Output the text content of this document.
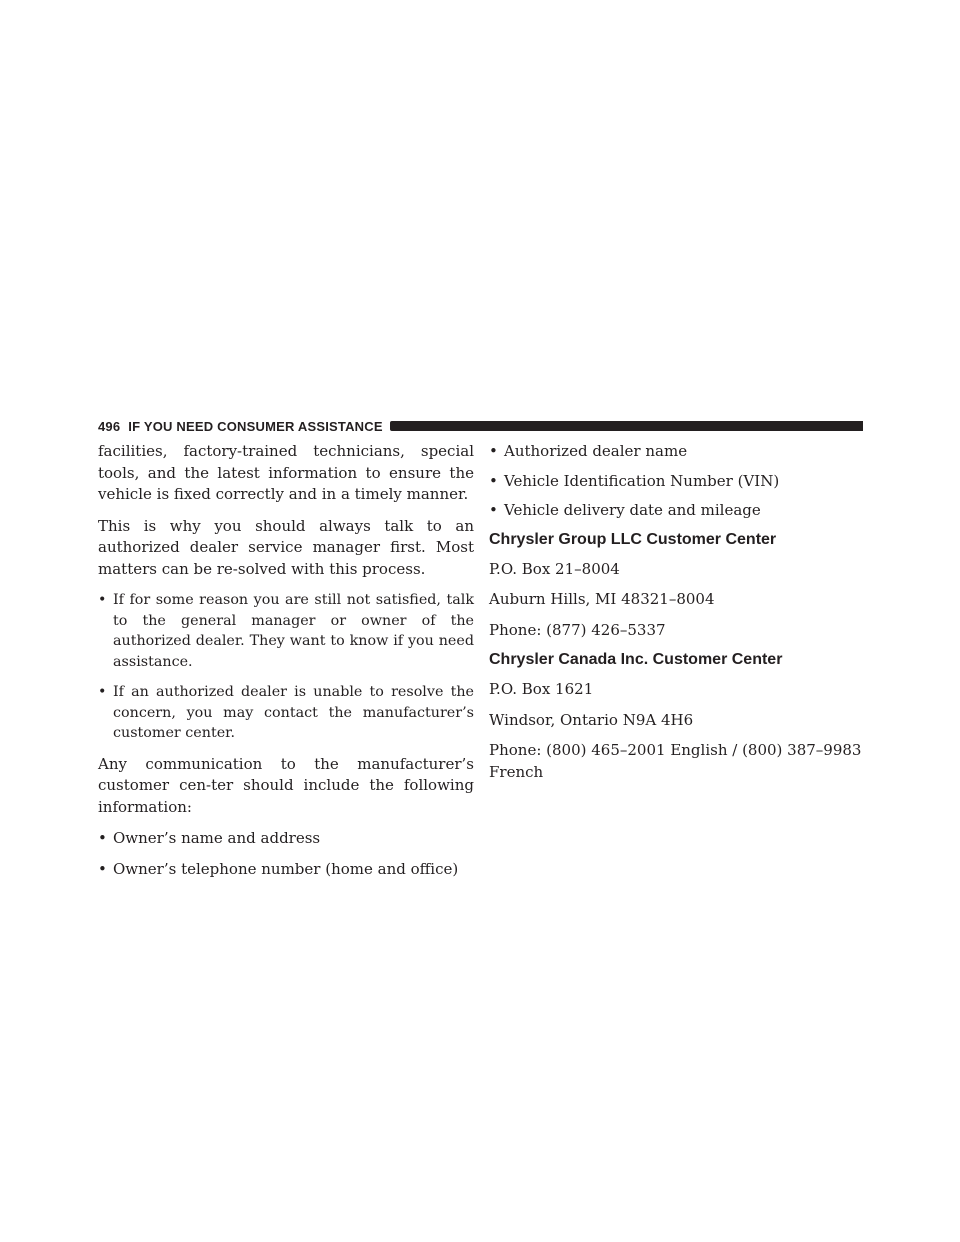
496 IF YOU NEED CONSUMER ASSISTANCE

facilities, factory-trained technicians, special tools, and the latest information to ensure the vehicle is fixed correctly and in a timely manner.

This is why you should always talk to an authorized dealer service manager first. Most matters can be re-solved with this process.

• If for some reason you are still not satisfied, talk to the general manager or owner of the authorized dealer. They want to know if you need assistance.
• If an authorized dealer is unable to resolve the concern, you may contact the manufacturer’s customer center.

Any communication to the manufacturer’s customer cen-ter should include the following information:

• Owner’s name and address
• Owner’s telephone number (home and office)
• Authorized dealer name
• Vehicle Identification Number (VIN)
• Vehicle delivery date and mileage
Chrysler Group LLC Customer Center

P.O. Box 21–8004

Auburn Hills, MI 48321–8004

Phone: (877) 426–5337

Chrysler Canada Inc. Customer Center

P.O. Box 1621

Windsor, Ontario N9A 4H6

Phone: (800) 465–2001 English / (800) 387–9983 French
